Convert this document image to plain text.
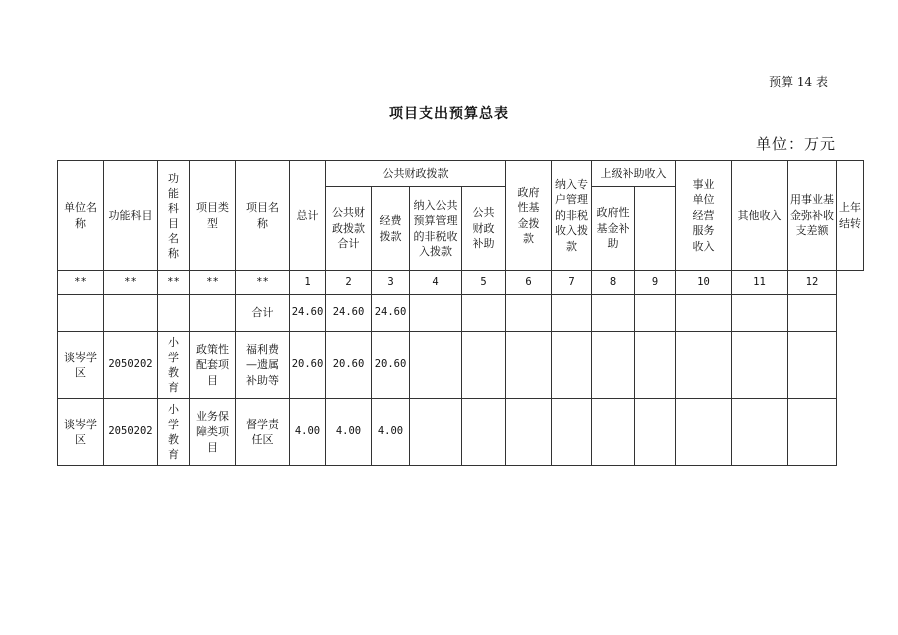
预算 14 表
项目支出预算总表
单位：万元
单位名称	功能科目	功能科目名称	项目类型	项目名称	总计	公共财政拨款				政府性基金拨款	纳入专户管理的非税收入拨款	上级补助收入		事业单位经营服务收入	其他收入	用事业基金弥补收支差额	上年结转

						公共财政拨款合计	经费拨款	纳入公共预算管理的非税收入拨款	公共财政补助			政府性基金补助					

**	**	**	**	**	1	2	3	4	5	6	7	8	9	10	11	12	
				合计	24.60	24.60	24.60										

谈岑学区	2050202	小学教育	政策性配套项目	福利费—遗属补助等	20.60	20.60	20.60										

谈岑学区	2050202	小学教育	业务保障类项目	督学责任区	4.00	4.00	4.00										
